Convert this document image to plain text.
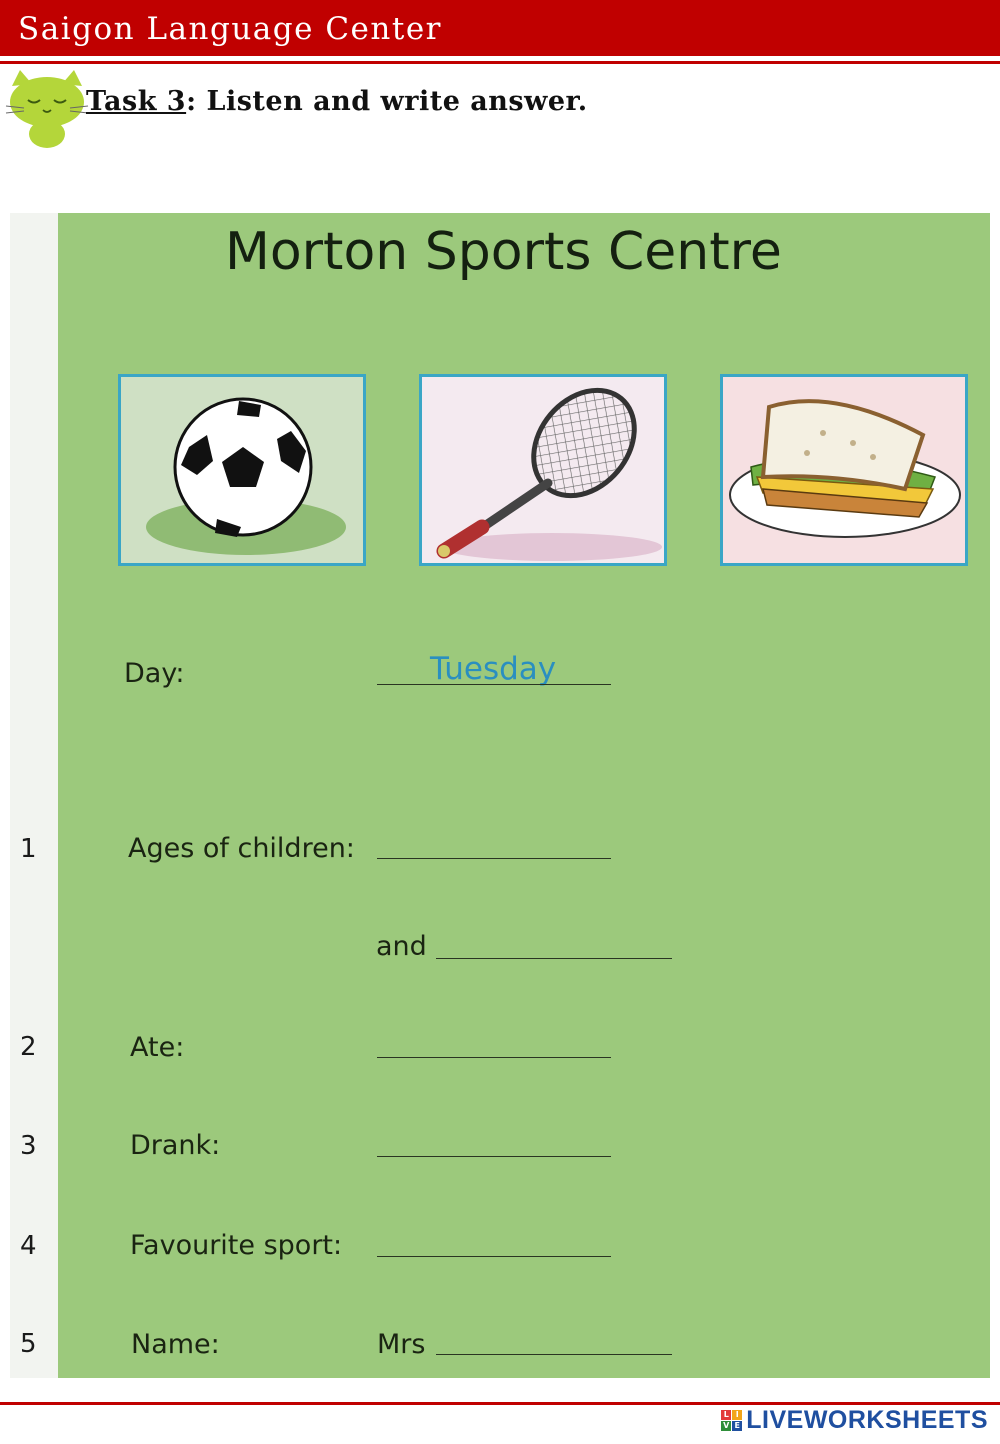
Saigon Language Center
Task 3: Listen and write answer.
Morton Sports Centre
Day:	Tuesday
1	Ages of children:
and
2	Ate:
3	Drank:
4	Favourite sport:
5	Name:	Mrs
L I
V E LIVEWORKSHEETS
